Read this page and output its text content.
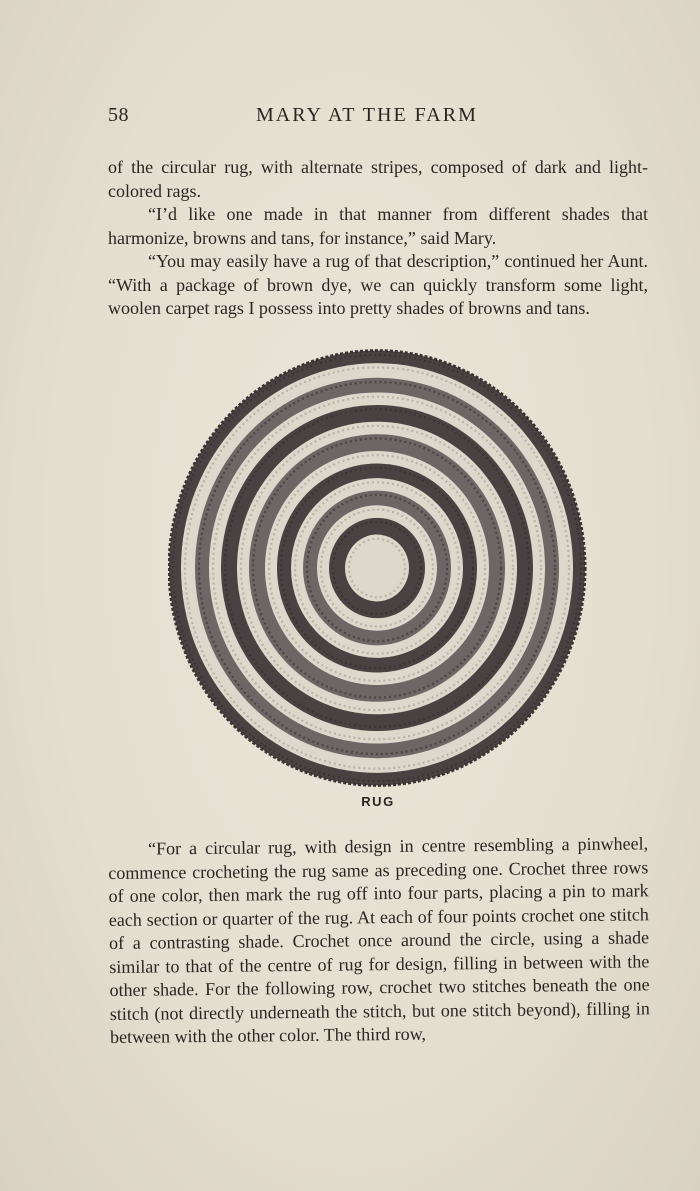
58	MARY AT THE FARM

of the circular rug, with alternate stripes, composed of dark and light-colored rags.

“I’d like one made in that manner from different shades that harmonize, browns and tans, for instance,” said Mary.

“You may easily have a rug of that description,” continued her Aunt. “With a package of brown dye, we can quickly transform some light, woolen carpet rags I possess into pretty shades of browns and tans.

RUG

“For a circular rug, with design in centre resembling a pinwheel, commence crocheting the rug same as preceding one. Crochet three rows of one color, then mark the rug off into four parts, placing a pin to mark each section or quarter of the rug. At each of four points crochet one stitch of a contrasting shade. Crochet once around the circle, using a shade similar to that of the centre of rug for design, filling in between with the other shade. For the following row, crochet two stitches beneath the one stitch (not directly underneath the stitch, but one stitch beyond), filling in between with the other color. The third row,
